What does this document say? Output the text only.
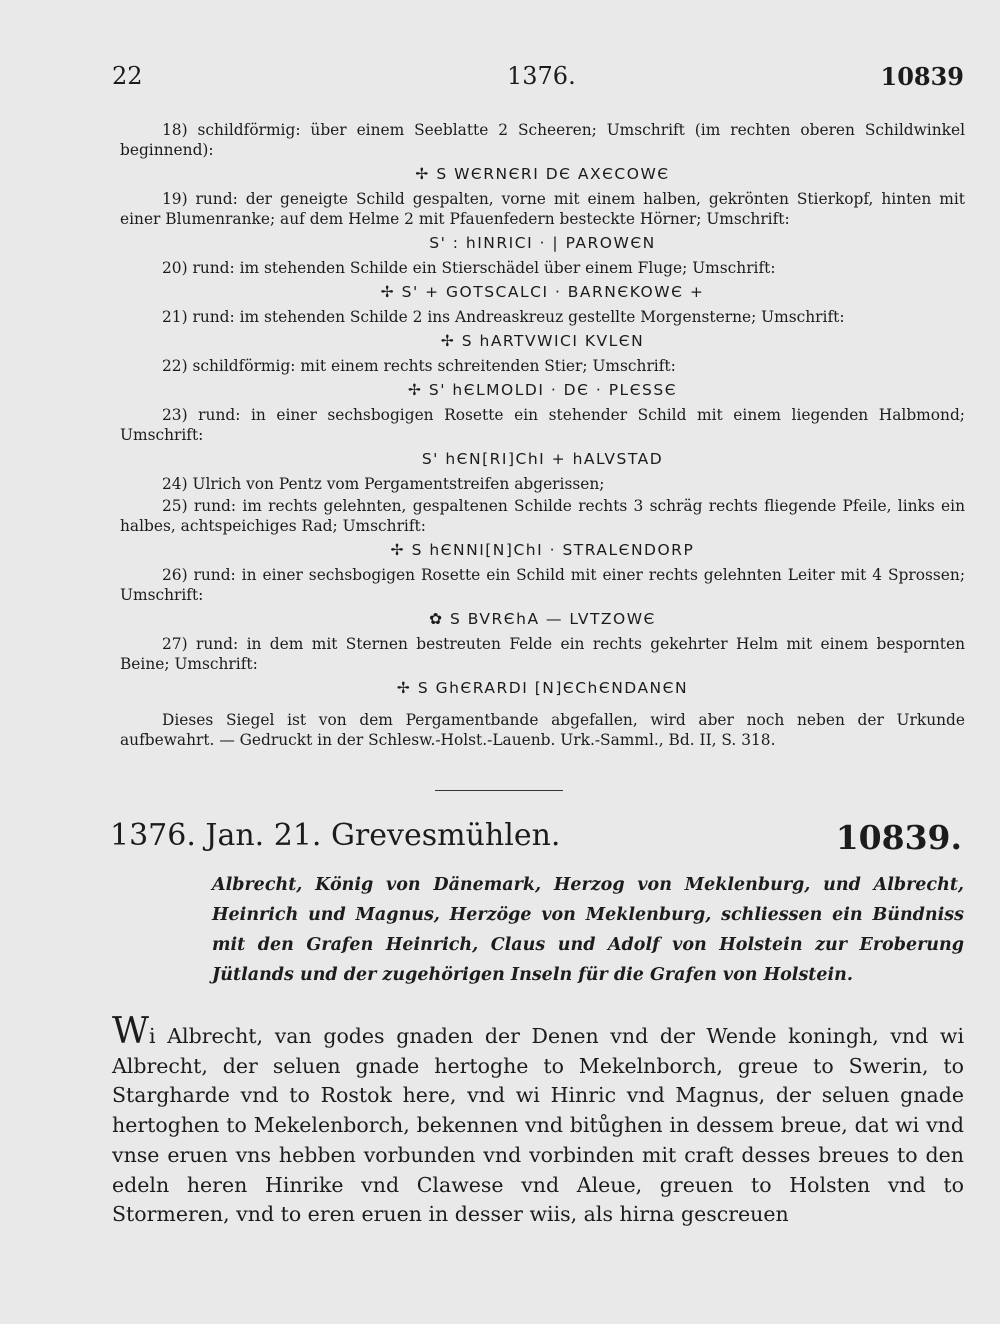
22	1376.	10839
18) schildförmig: über einem Seeblatte 2 Scheeren; Umschrift (im rechten oberen Schildwinkel beginnend):
✢ S WЄRNЄRI DЄ AXЄCOWЄ
19) rund: der geneigte Schild gespalten, vorne mit einem halben, gekrönten Stierkopf, hinten mit einer Blumenranke; auf dem Helme 2 mit Pfauenfedern besteckte Hörner; Umschrift:
S' : hINRICI · | PAROWЄN
20) rund: im stehenden Schilde ein Stierschädel über einem Fluge; Umschrift:
✢ S' + GOTSCALCI · BARNЄKOWЄ +
21) rund: im stehenden Schilde 2 ins Andreaskreuz gestellte Morgensterne; Umschrift:
✢ S hARTVWICI KVLЄN
22) schildförmig: mit einem rechts schreitenden Stier; Umschrift:
✢ S' hЄLMOLDI · DЄ · PLЄSSЄ
23) rund: in einer sechsbogigen Rosette ein stehender Schild mit einem liegenden Halbmond; Umschrift:
S' hЄN[RI]ChI + hALVSTAD
24) Ulrich von Pentz vom Pergamentstreifen abgerissen;
25) rund: im rechts gelehnten, gespaltenen Schilde rechts 3 schräg rechts fliegende Pfeile, links ein halbes, achtspeichiges Rad; Umschrift:
✢ S hЄNNI[N]ChI · STRALЄNDORP
26) rund: in einer sechsbogigen Rosette ein Schild mit einer rechts gelehnten Leiter mit 4 Sprossen; Umschrift:
✿ S BVRЄhA — LVTZOWЄ
27) rund: in dem mit Sternen bestreuten Felde ein rechts gekehrter Helm mit einem bespornten Beine; Umschrift:
✢ S GhЄRARDI [N]ЄChЄNDANЄN
Dieses Siegel ist von dem Pergamentbande abgefallen, wird aber noch neben der Urkunde aufbewahrt. — Gedruckt in der Schlesw.-Holst.-Lauenb. Urk.-Samml., Bd. II, S. 318.
1376. Jan. 21. Grevesmühlen.	10839.
Albrecht, König von Dänemark, Herzog von Meklenburg, und Albrecht, Heinrich und Magnus, Herzöge von Meklenburg, schliessen ein Bündniss mit den Grafen Heinrich, Claus und Adolf von Holstein zur Eroberung Jütlands und der zugehörigen Inseln für die Grafen von Holstein.
Wi Albrecht, van godes gnaden der Denen vnd der Wende koningh, vnd wi Albrecht, der seluen gnade hertoghe to Mekelnborch, greue to Swerin, to Stargharde vnd to Rostok here, vnd wi Hinric vnd Magnus, der seluen gnade hertoghen to Mekelenborch, bekennen vnd bitůghen in dessem breue, dat wi vnd vnse eruen vns hebben vorbunden vnd vorbinden mit craft desses breues to den edeln heren Hinrike vnd Clawese vnd Aleue, greuen to Holsten vnd to Stormeren, vnd to eren eruen in desser wiis, als hirna gescreuen
